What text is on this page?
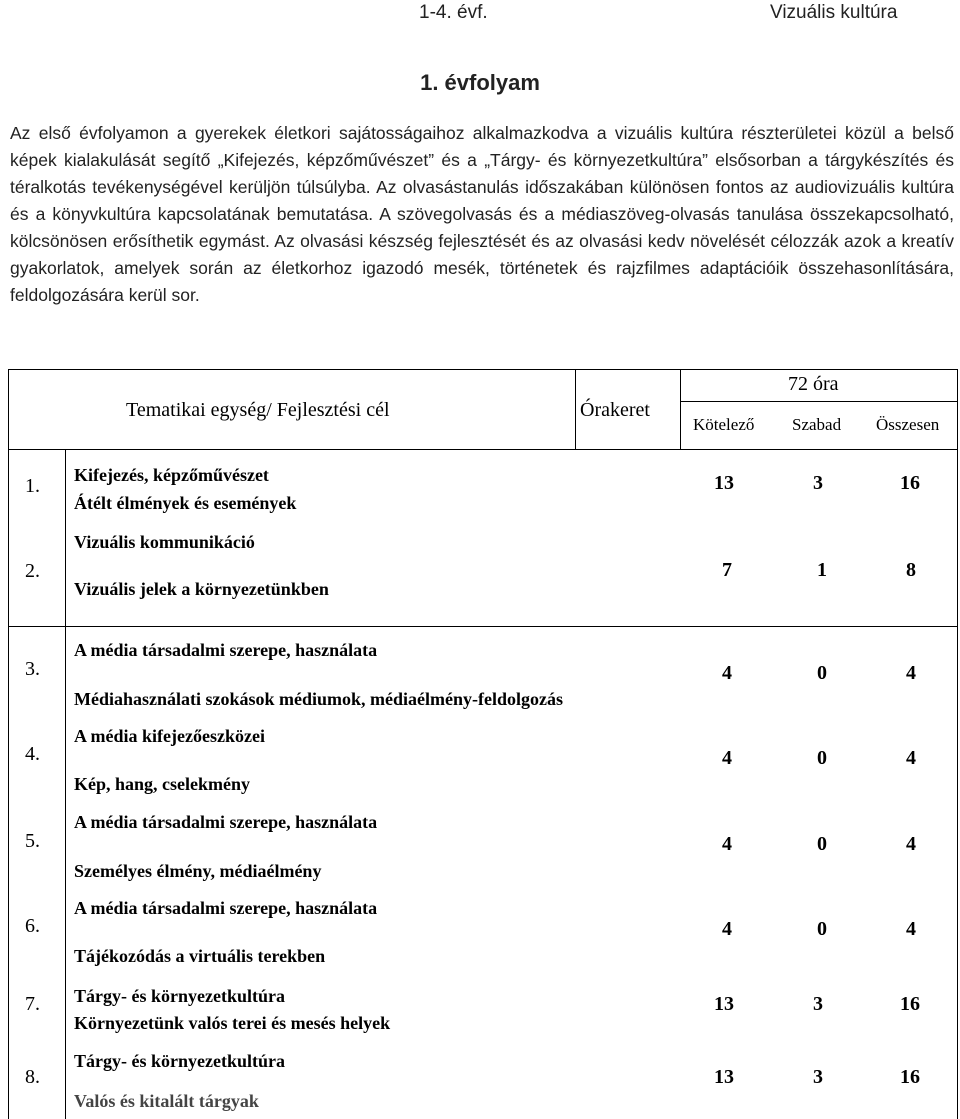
1-4. évf.	Vizuális kultúra
1. évfolyam
Az első évfolyamon a gyerekek életkori sajátosságaihoz alkalmazkodva a vizuális kultúra részterületei közül a belső képek kialakulását segítő „Kifejezés, képzőművészet” és a „Tárgy- és környezetkultúra” elsősorban a tárgykészítés és téralkotás tevékenységével kerüljön túlsúlyba. Az olvasástanulás időszakában különösen fontos az audiovizuális kultúra és a könyvkultúra kapcsolatának bemutatása. A szövegolvasás és a médiaszöveg-olvasás tanulása összekapcsolható, kölcsönösen erősíthetik egymást. Az olvasási készség fejlesztését és az olvasási kedv növelését célozzák azok a kreatív gyakorlatok, amelyek során az életkorhoz igazodó mesék, történetek és rajzfilmes adaptációik összehasonlítására, feldolgozására kerül sor.
Tematikai egység/ Fejlesztési cél	Órakeret
72 óra
Kötelező Szabad Összesen
1. Kifejezés, képzőművészet
Átélt élmények és események
13	3	16
2.
Vizuális kommunikáció
Vizuális jelek a környezetünkben
7	1	8
3.
A média társadalmi szerepe, használata
Médiahasználati szokások médiumok, médiaélmény-feldolgozás
4	0	4
4.
A média kifejezőeszközei
Kép, hang, cselekmény
4	0	4
5.
A média társadalmi szerepe, használata
Személyes élmény, médiaélmény
4	0	4
6.
A média társadalmi szerepe, használata
Tájékozódás a virtuális terekben
4	0	4
7. Tárgy- és környezetkultúra
Környezetünk valós terei és mesés helyek
13	3	16
8.
Tárgy- és környezetkultúra
Valós és kitalált tárgyak
13	3	16
